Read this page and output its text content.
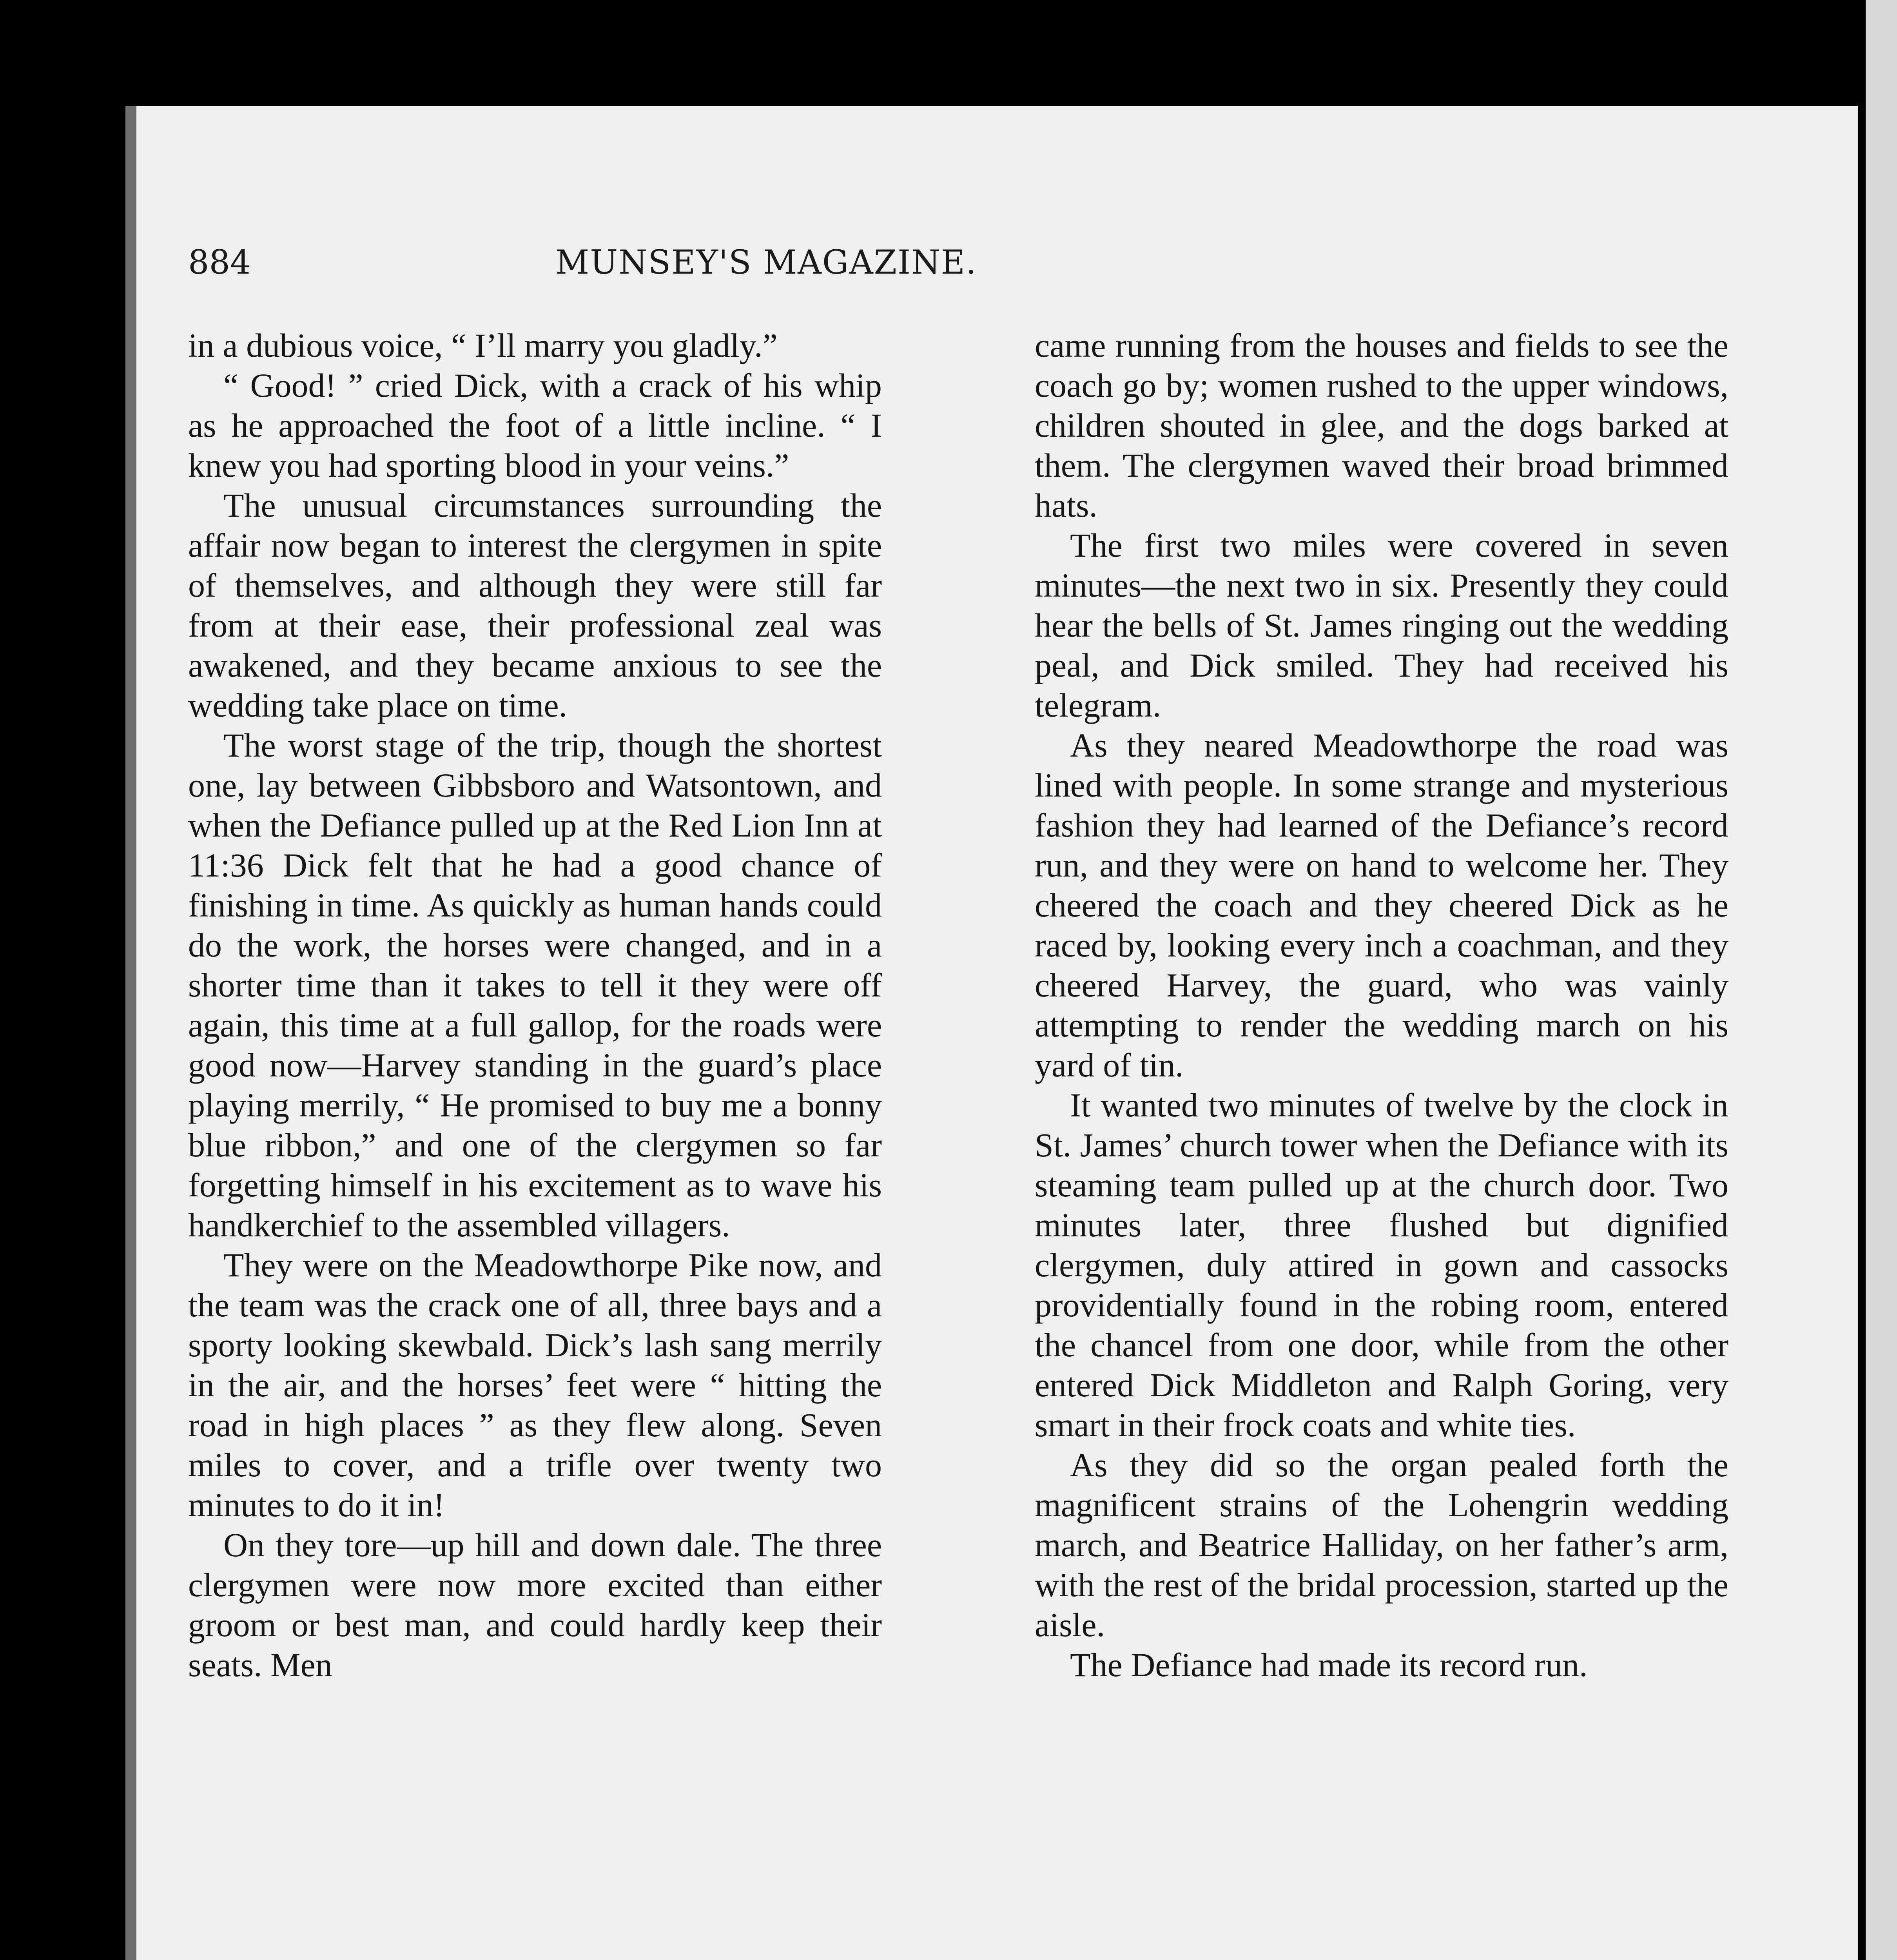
884	MUNSEY'S MAGAZINE.

in a dubious voice, “ I’ll marry you gladly.”

“ Good! ” cried Dick, with a crack of his whip as he approached the foot of a little incline. “ I knew you had sporting blood in your veins.”

The unusual circumstances surrounding the affair now began to interest the clergymen in spite of themselves, and although they were still far from at their ease, their professional zeal was awakened, and they became anxious to see the wedding take place on time.

The worst stage of the trip, though the shortest one, lay between Gibbsboro and Watsontown, and when the Defiance pulled up at the Red Lion Inn at 11:36 Dick felt that he had a good chance of finishing in time. As quickly as human hands could do the work, the horses were changed, and in a shorter time than it takes to tell it they were off again, this time at a full gallop, for the roads were good now—Harvey standing in the guard’s place playing merrily, “ He promised to buy me a bonny blue ribbon,” and one of the clergymen so far forgetting himself in his excitement as to wave his handkerchief to the assembled villagers.

They were on the Meadowthorpe Pike now, and the team was the crack one of all, three bays and a sporty looking skewbald. Dick’s lash sang merrily in the air, and the horses’ feet were “ hitting the road in high places ” as they flew along. Seven miles to cover, and a trifle over twenty two minutes to do it in!

On they tore—up hill and down dale. The three clergymen were now more excited than either groom or best man, and could hardly keep their seats. Men

came running from the houses and fields to see the coach go by; women rushed to the upper windows, children shouted in glee, and the dogs barked at them. The clergymen waved their broad brimmed hats.

The first two miles were covered in seven minutes—the next two in six. Presently they could hear the bells of St. James ringing out the wedding peal, and Dick smiled. They had received his telegram.

As they neared Meadowthorpe the road was lined with people. In some strange and mysterious fashion they had learned of the Defiance’s record run, and they were on hand to welcome her. They cheered the coach and they cheered Dick as he raced by, looking every inch a coachman, and they cheered Harvey, the guard, who was vainly attempting to render the wedding march on his yard of tin.

It wanted two minutes of twelve by the clock in St. James’ church tower when the Defiance with its steaming team pulled up at the church door. Two minutes later, three flushed but dignified clergymen, duly attired in gown and cassocks providentially found in the robing room, entered the chancel from one door, while from the other entered Dick Middleton and Ralph Goring, very smart in their frock coats and white ties.

As they did so the organ pealed forth the magnificent strains of the Lohengrin wedding march, and Beatrice Halliday, on her father’s arm, with the rest of the bridal procession, started up the aisle.

The Defiance had made its record run.
